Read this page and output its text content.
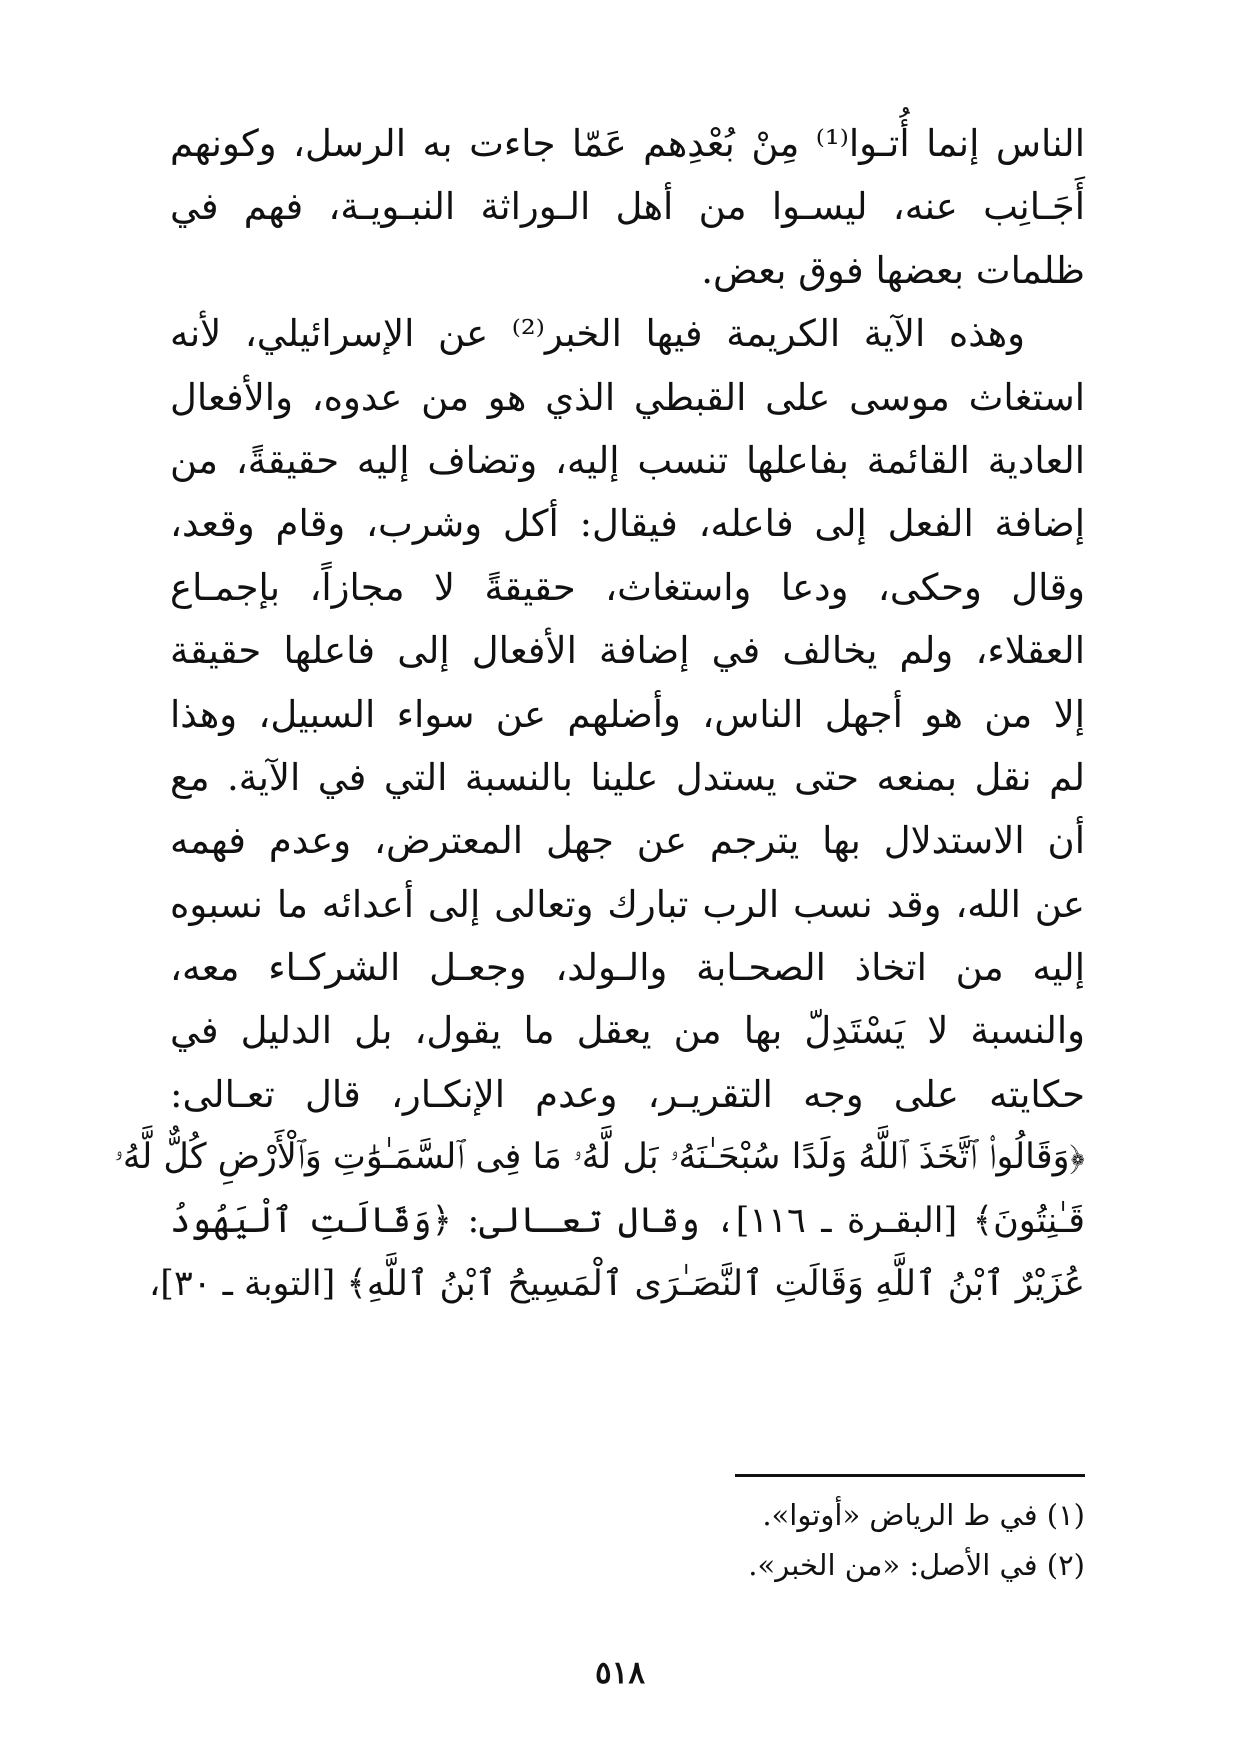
الناس إنما أُتـوا⁽¹⁾ مِنْ بُعْدِهم عَمّا جاءت به الرسل، وكونهم
أَجَـانِب عنه، ليسـوا من أهل الـوراثة النبـويـة، فهم في
ظلمات بعضها فوق بعض.
وهذه الآية الكريمة فيها الخبر⁽²⁾ عن الإسرائيلي، لأنه
استغاث موسى على القبطي الذي هو من عدوه، والأفعال
العادية القائمة بفاعلها تنسب إليه، وتضاف إليه حقيقةً، من
إضافة الفعل إلى فاعله، فيقال: أكل وشرب، وقام وقعد،
وقال وحكى، ودعا واستغاث، حقيقةً لا مجازاً، بإجمـاع
العقلاء، ولم يخالف في إضافة الأفعال إلى فاعلها حقيقة
إلا من هو أجهل الناس، وأضلهم عن سواء السبيل، وهذا
لم نقل بمنعه حتى يستدل علينا بالنسبة التي في الآية. مع
أن الاستدلال بها يترجم عن جهل المعترض، وعدم فهمه
عن الله، وقد نسب الرب تبارك وتعالى إلى أعدائه ما نسبوه
إليه من اتخاذ الصحـابة والـولد، وجعـل الشركـاء معه،
والنسبة لا يَسْتَدِلّ بها من يعقل ما يقول، بل الدليل في
حكايته على وجه التقريـر، وعدم الإنكـار، قال تعـالى:
﴿وَقَالُوا۟ ٱتَّخَذَ ٱللَّهُ وَلَدًا سُبْحَـٰنَهُۥ بَل لَّهُۥ مَا فِى ٱلسَّمَـٰوَٰتِ وَٱلْأَرْضِ كُلٌّ لَّهُۥ
قَـٰنِتُونَ﴾ [البقـرة ـ ١١٦]، وقال تعـالى: ﴿وَقَالَتِ ٱلْيَهُودُ
عُزَيْرٌ ٱبْنُ ٱللَّهِ وَقَالَتِ ٱلنَّصَـٰرَى ٱلْمَسِيحُ ٱبْنُ ٱللَّهِ﴾ [التوبة ـ ٣٠]،
(١) في ط الرياض «أوتوا».
(٢) في الأصل: «من الخبر».
٥١٨
